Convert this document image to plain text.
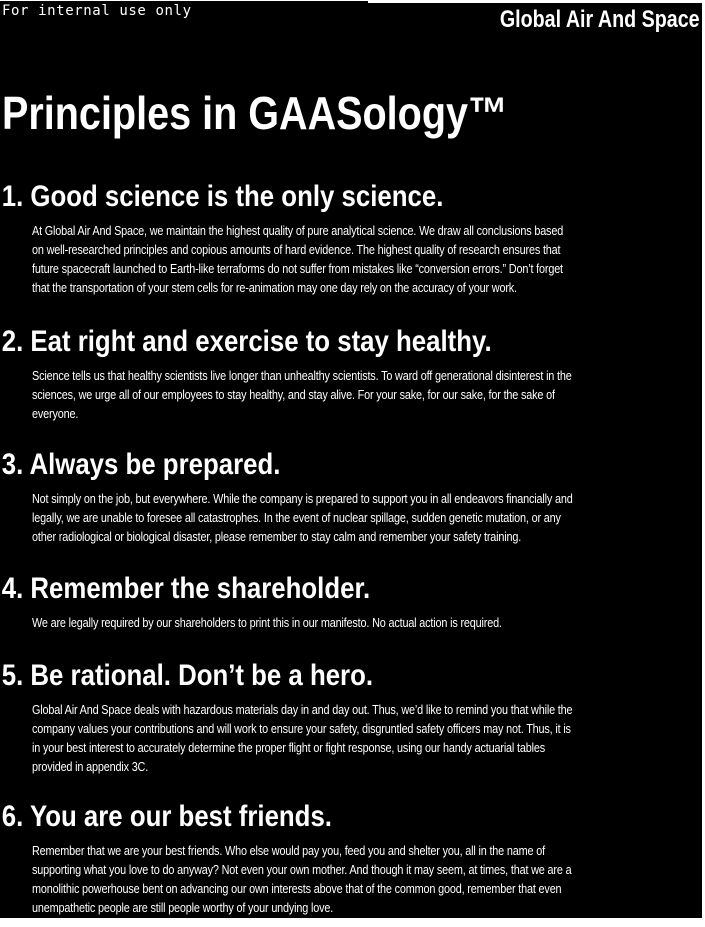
For internal use only	Global Air And Space
Principles in GAASology™
1. Good science is the only science.
At Global Air And Space, we maintain the highest quality of pure analytical science. We draw all conclusions based
on well-researched principles and copious amounts of hard evidence. The highest quality of research ensures that
future spacecraft launched to Earth-like terraforms do not suffer from mistakes like “conversion errors.” Don’t forget
that the transportation of your stem cells for re-animation may one day rely on the accuracy of your work.
2. Eat right and exercise to stay healthy.
Science tells us that healthy scientists live longer than unhealthy scientists. To ward off generational disinterest in the
sciences, we urge all of our employees to stay healthy, and stay alive. For your sake, for our sake, for the sake of
everyone.
3. Always be prepared.
Not simply on the job, but everywhere. While the company is prepared to support you in all endeavors financially and
legally, we are unable to foresee all catastrophes. In the event of nuclear spillage, sudden genetic mutation, or any
other radiological or biological disaster, please remember to stay calm and remember your safety training.
4. Remember the shareholder.
We are legally required by our shareholders to print this in our manifesto. No actual action is required.
5. Be rational. Don’t be a hero.
Global Air And Space deals with hazardous materials day in and day out. Thus, we’d like to remind you that while the
company values your contributions and will work to ensure your safety, disgruntled safety officers may not. Thus, it is
in your best interest to accurately determine the proper flight or fight response, using our handy actuarial tables
provided in appendix 3C.
6. You are our best friends.
Remember that we are your best friends. Who else would pay you, feed you and shelter you, all in the name of
supporting what you love to do anyway? Not even your own mother. And though it may seem, at times, that we are a
monolithic powerhouse bent on advancing our own interests above that of the common good, remember that even
unempathetic people are still people worthy of your undying love.
